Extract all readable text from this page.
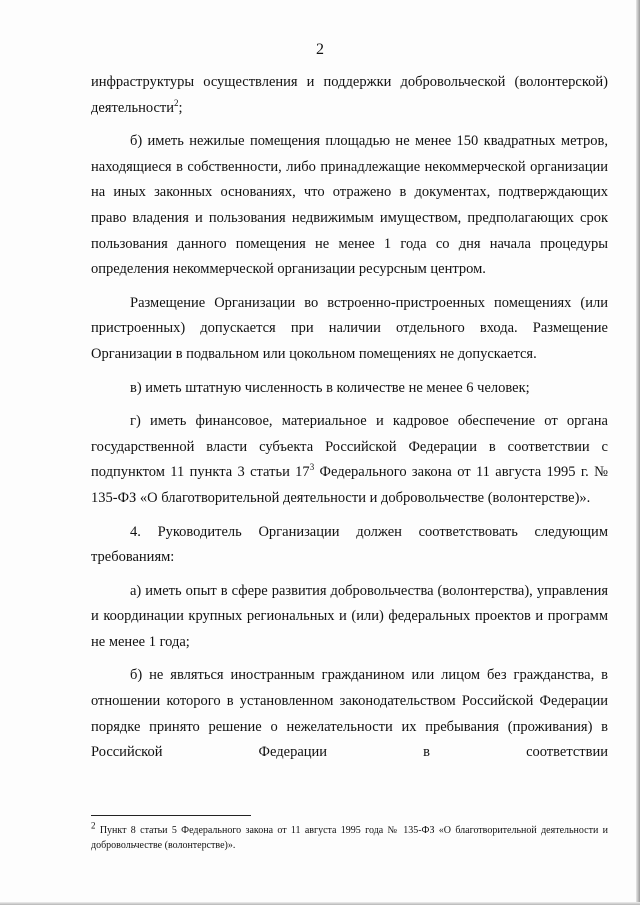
2

инфраструктуры осуществления и поддержки добровольческой (волонтерской) деятельности$^2$;

б) иметь нежилые помещения площадью не менее 150 квадратных метров, находящиеся в собственности, либо принадлежащие некоммерческой организации на иных законных основаниях, что отражено в документах, подтверждающих право владения и пользования недвижимым имуществом, предполагающих срок пользования данного помещения не менее 1 года со дня начала процедуры определения некоммерческой организации ресурсным центром.

Размещение Организации во встроенно-пристроенных помещениях (или пристроенных) допускается при наличии отдельного входа. Размещение Организации в подвальном или цокольном помещениях не допускается.

в) иметь штатную численность в количестве не менее 6 человек;

г) иметь финансовое, материальное и кадровое обеспечение от органа государственной власти субъекта Российской Федерации в соответствии с подпунктом 11 пункта 3 статьи $17^3$ Федерального закона от 11 августа 1995 г. № 135-ФЗ «О благотворительной деятельности и добровольчестве (волонтерстве)».

4. Руководитель Организации должен соответствовать следующим требованиям:

а) иметь опыт в сфере развития добровольчества (волонтерства), управления и координации крупных региональных и (или) федеральных проектов и программ не менее 1 года;

б) не являться иностранным гражданином или лицом без гражданства, в отношении которого в установленном законодательством Российской Федерации порядке принято решение о нежелательности их пребывания (проживания) в Российской Федерации в соответствии

$^2$ Пункт 8 статьи 5 Федерального закона от 11 августа 1995 года № 135-ФЗ «О благотворительной деятельности и добровольчестве (волонтерстве)».
